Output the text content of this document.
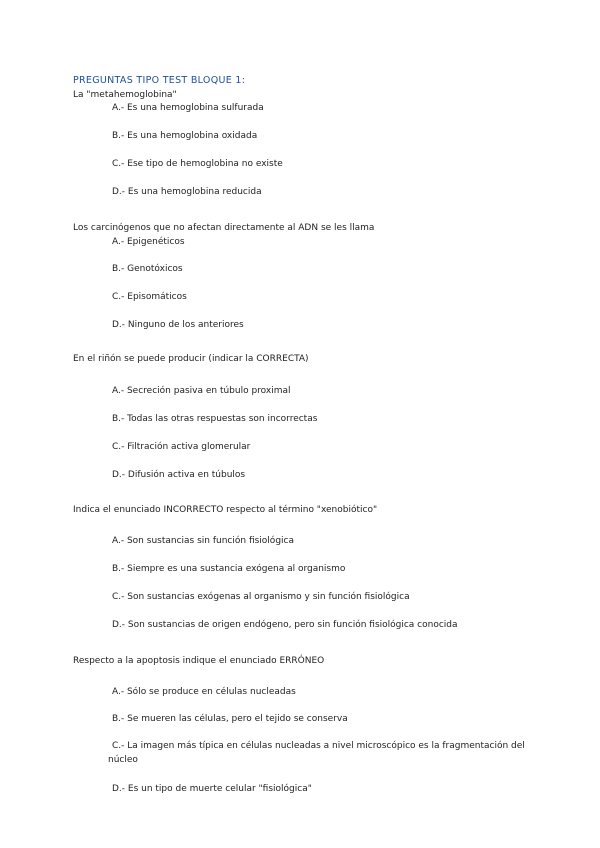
PREGUNTAS TIPO TEST BLOQUE 1:
La "metahemoglobina"
A.- Es una hemoglobina sulfurada
B.- Es una hemoglobina oxidada
C.- Ese tipo de hemoglobina no existe
D.- Es una hemoglobina reducida
Los carcinógenos que no afectan directamente al ADN se les llama
A.- Epigenéticos
B.- Genotóxicos
C.- Episomáticos
D.- Ninguno de los anteriores
En el riñón se puede producir (indicar la CORRECTA)
A.- Secreción pasiva en túbulo proximal
B.- Todas las otras respuestas son incorrectas
C.- Filtración activa glomerular
D.- Difusión activa en túbulos
Indica el enunciado INCORRECTO respecto al término "xenobiótico"
A.- Son sustancias sin función fisiológica
B.- Siempre es una sustancia exógena al organismo
C.- Son sustancias exógenas al organismo y sin función fisiológica
D.- Son sustancias de origen endógeno, pero sin función fisiológica conocida
Respecto a la apoptosis indique el enunciado ERRÓNEO
A.- Sólo se produce en células nucleadas
B.- Se mueren las células, pero el tejido se conserva
C.- La imagen más típica en células nucleadas a nivel microscópico es la fragmentación del núcleo
D.- Es un tipo de muerte celular "fisiológica"
